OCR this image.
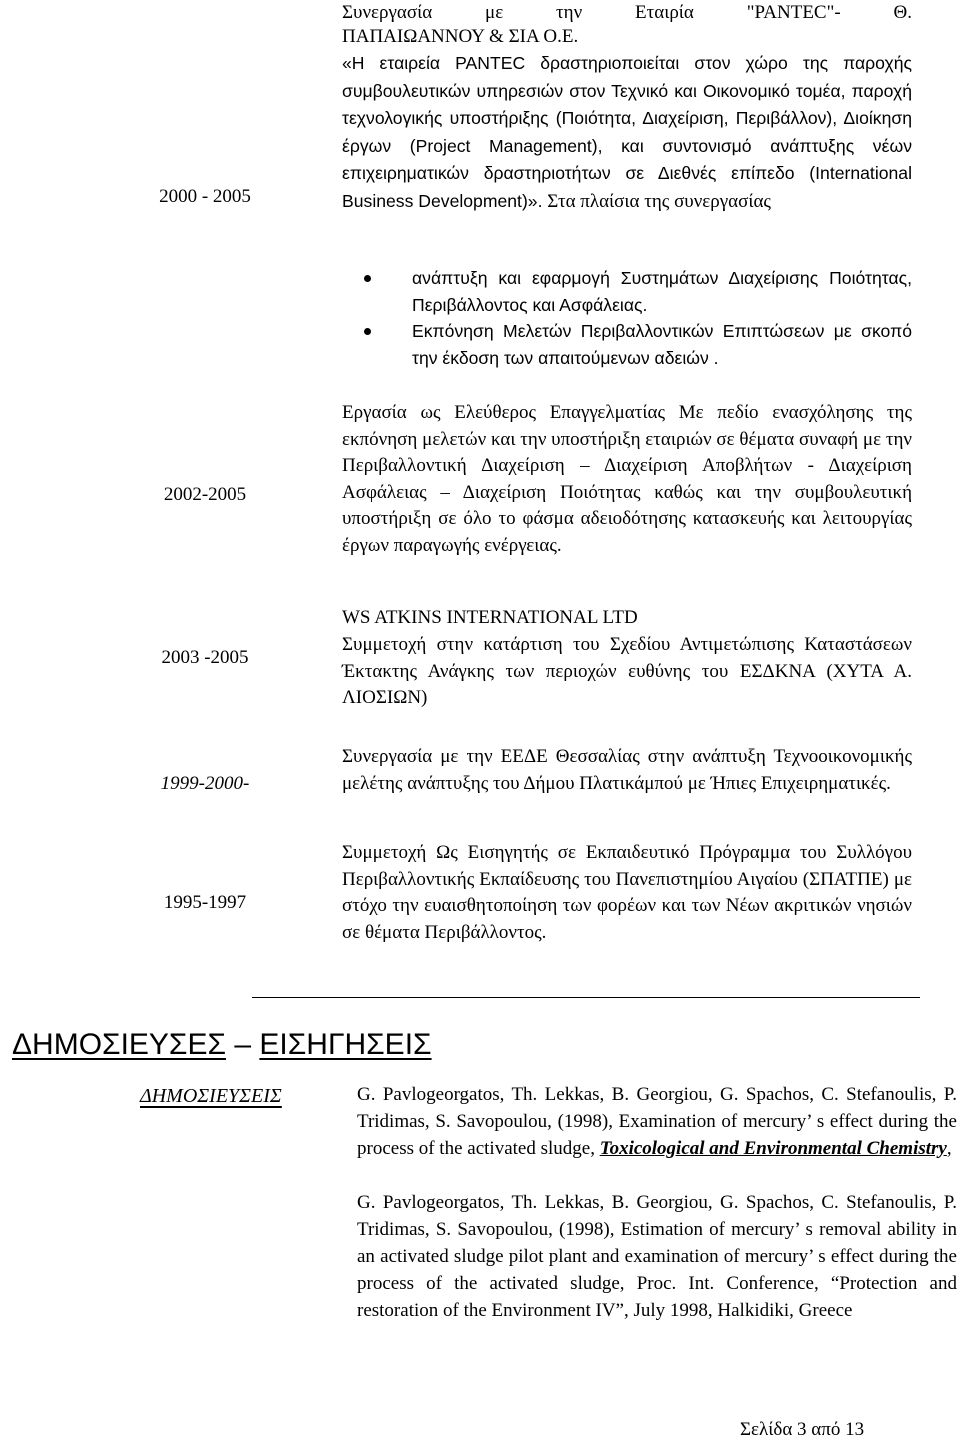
2000 - 2005
Συνεργασία με την Εταιρία "PANTEC"- Θ.
ΠΑΠΑΙΩΑΝΝΟΥ & ΣΙΑ Ο.Ε.
«Η εταιρεία PANTEC δραστηριοποιείται στον χώρο της παροχής συμβουλευτικών υπηρεσιών στον Τεχνικό και Οικονομικό τομέα, παροχή τεχνολογικής υποστήριξης (Ποιότητα, Διαχείριση, Περιβάλλον), Διοίκηση έργων (Project Management), και συντονισμό ανάπτυξης νέων επιχειρηματικών δραστηριοτήτων σε Διεθνές επίπεδο (International Business Development)». Στα πλαίσια της συνεργασίας
ανάπτυξη και εφαρμογή Συστημάτων Διαχείρισης Ποιότητας, Περιβάλλοντος και Ασφάλειας.
Εκπόνηση Μελετών Περιβαλλοντικών Επιπτώσεων με σκοπό την έκδοση των απαιτούμενων αδειών .
2002-2005
Εργασία ως Ελεύθερος Επαγγελματίας Με πεδίο ενασχόλησης της εκπόνηση μελετών και την υποστήριξη εταιριών σε θέματα συναφή με την Περιβαλλοντική Διαχείριση – Διαχείριση Αποβλήτων - Διαχείριση Ασφάλειας – Διαχείριση Ποιότητας καθώς και την συμβουλευτική υποστήριξη σε όλο το φάσμα αδειοδότησης κατασκευής και λειτουργίας έργων παραγωγής ενέργειας.
2003 -2005
WS ATKINS INTERNATIONAL LTD
Συμμετοχή στην κατάρτιση του Σχεδίου Αντιμετώπισης Καταστάσεων Έκτακτης Ανάγκης των περιοχών ευθύνης του ΕΣΔΚΝΑ (ΧΥΤΑ Α. ΛΙΟΣΙΩΝ)
1999-2000-
Συνεργασία με την ΕΕΔΕ Θεσσαλίας στην ανάπτυξη Τεχνοοικονομικής μελέτης ανάπτυξης του Δήμου Πλατικάμπού με Ήπιες Επιχειρηματικές.
1995-1997
Συμμετοχή Ως Εισηγητής σε Εκπαιδευτικό Πρόγραμμα του Συλλόγου Περιβαλλοντικής Εκπαίδευσης του Πανεπιστημίου Αιγαίου (ΣΠΑΤΠΕ) με στόχο την ευαισθητοποίηση των φορέων και των Νέων ακριτικών νησιών σε θέματα Περιβάλλοντος.
ΔΗΜΟΣΙΕΥΣΕΣ – ΕΙΣΗΓΗΣΕΙΣ
ΔΗΜΟΣΙΕΥΣΕΙΣ	G. Pavlogeorgatos, Th. Lekkas, B. Georgiou, G. Spachos, C. Stefanoulis, P. Tridimas, S. Savopoulou, (1998), Examination of mercury’ s effect during the process of the activated sludge, Toxicological and Environmental Chemistry,
G. Pavlogeorgatos, Th. Lekkas, B. Georgiou, G. Spachos, C. Stefanoulis, P. Tridimas, S. Savopoulou, (1998), Estimation of mercury’ s removal ability in an activated sludge pilot plant and examination of mercury’ s effect during the process of the activated sludge, Proc. Int. Conference, “Protection and restoration of the Environment IV”, July 1998, Halkidiki, Greece
Σελίδα 3 από 13
